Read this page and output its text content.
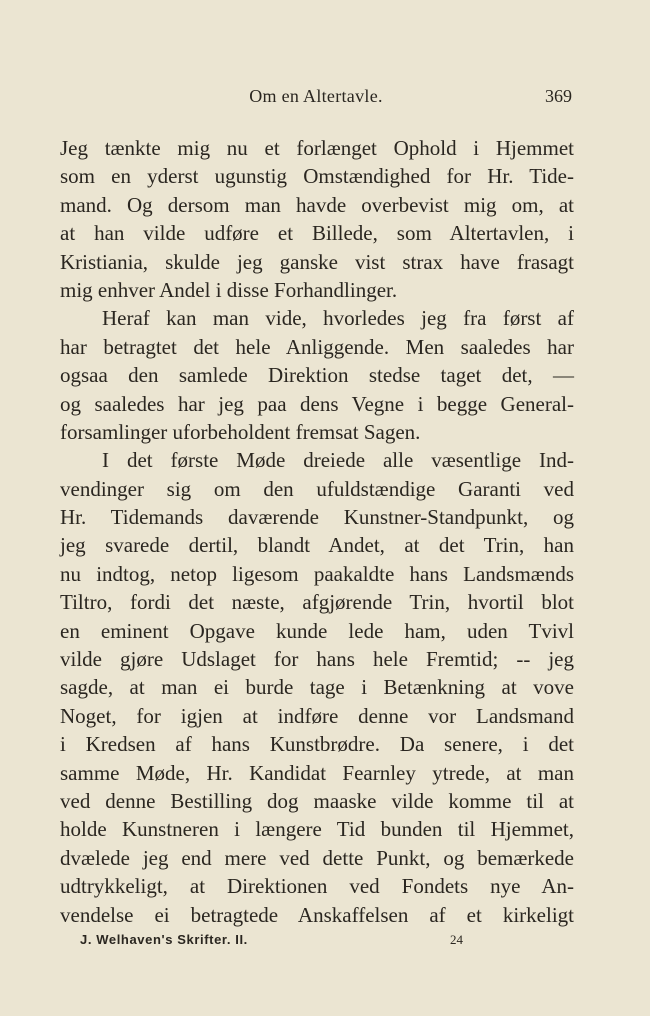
Om en Altertavle.	369
Jeg tænkte mig nu et forlænget Ophold i Hjemmet
som en yderst ugunstig Omstændighed for Hr. Tide-
mand. Og dersom man havde overbevist mig om, at
at han vilde udføre et Billede, som Altertavlen, i
Kristiania, skulde jeg ganske vist strax have frasagt
mig enhver Andel i disse Forhandlinger.
Heraf kan man vide, hvorledes jeg fra først af
har betragtet det hele Anliggende. Men saaledes har
ogsaa den samlede Direktion stedse taget det, —
og saaledes har jeg paa dens Vegne i begge General-
forsamlinger uforbeholdent fremsat Sagen.
I det første Møde dreiede alle væsentlige Ind-
vendinger sig om den ufuldstændige Garanti ved
Hr. Tidemands daværende Kunstner-Standpunkt, og
jeg svarede dertil, blandt Andet, at det Trin, han
nu indtog, netop ligesom paakaldte hans Landsmænds
Tiltro, fordi det næste, afgjørende Trin, hvortil blot
en eminent Opgave kunde lede ham, uden Tvivl
vilde gjøre Udslaget for hans hele Fremtid; -- jeg
sagde, at man ei burde tage i Betænkning at vove
Noget, for igjen at indføre denne vor Landsmand
i Kredsen af hans Kunstbrødre. Da senere, i det
samme Møde, Hr. Kandidat Fearnley ytrede, at man
ved denne Bestilling dog maaske vilde komme til at
holde Kunstneren i længere Tid bunden til Hjemmet,
dvælede jeg end mere ved dette Punkt, og bemærkede
udtrykkeligt, at Direktionen ved Fondets nye An-
vendelse ei betragtede Anskaffelsen af et kirkeligt
J. Welhaven's Skrifter. II.	24
